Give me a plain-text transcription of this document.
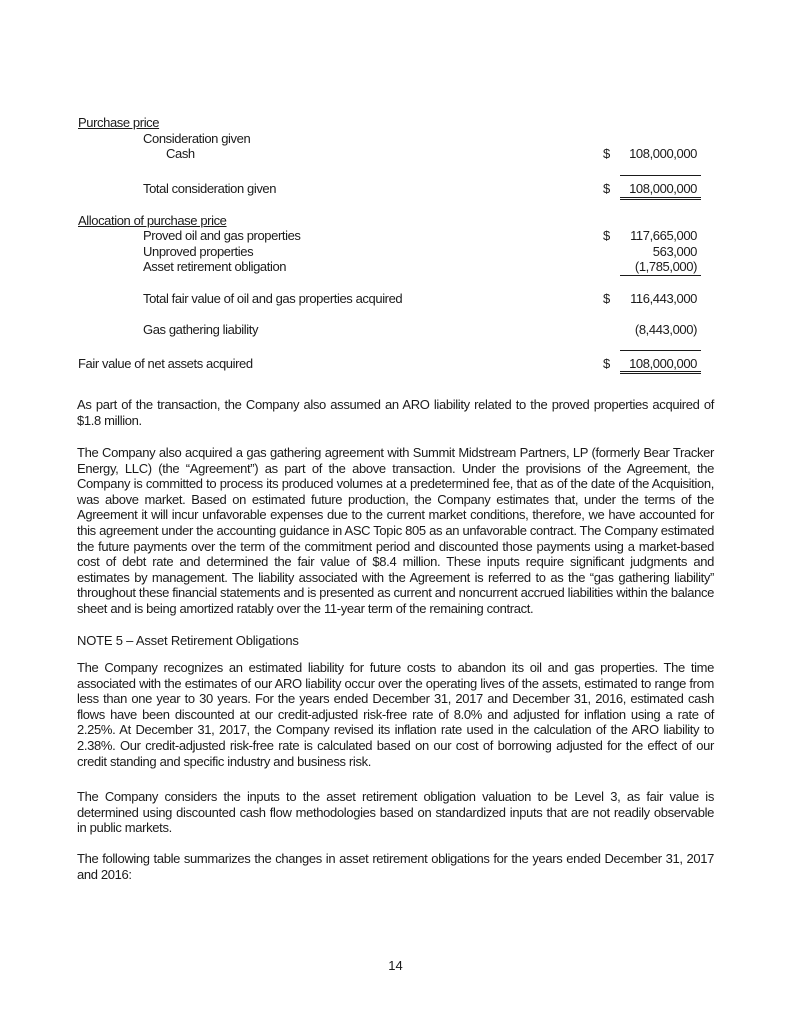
Purchase price
Consideration given
Cash	$ 108,000,000
Total consideration given	$ 108,000,000
Allocation of purchase price
Proved oil and gas properties	$ 117,665,000
Unproved properties	563,000
Asset retirement obligation	(1,785,000)
Total fair value of oil and gas properties acquired	$ 116,443,000
Gas gathering liability	(8,443,000)
Fair value of net assets acquired	$ 108,000,000

As part of the transaction, the Company also assumed an ARO liability related to the proved properties acquired of $1.8 million.

The Company also acquired a gas gathering agreement with Summit Midstream Partners, LP (formerly Bear Tracker Energy, LLC) (the “Agreement”) as part of the above transaction. Under the provisions of the Agreement, the Company is committed to process its produced volumes at a predetermined fee, that as of the date of the Acquisition, was above market. Based on estimated future production, the Company estimates that, under the terms of the Agreement it will incur unfavorable expenses due to the current market conditions, therefore, we have accounted for this agreement under the accounting guidance in ASC Topic 805 as an unfavorable contract. The Company estimated the future payments over the term of the commitment period and discounted those payments using a market-based cost of debt rate and determined the fair value of $8.4 million. These inputs require significant judgments and estimates by management. The liability associated with the Agreement is referred to as the “gas gathering liability” throughout these financial statements and is presented as current and noncurrent accrued liabilities within the balance sheet and is being amortized ratably over the 11-year term of the remaining contract.

NOTE 5 – Asset Retirement Obligations

The Company recognizes an estimated liability for future costs to abandon its oil and gas properties. The time associated with the estimates of our ARO liability occur over the operating lives of the assets, estimated to range from less than one year to 30 years. For the years ended December 31, 2017 and December 31, 2016, estimated cash flows have been discounted at our credit-adjusted risk-free rate of 8.0% and adjusted for inflation using a rate of 2.25%. At December 31, 2017, the Company revised its inflation rate used in the calculation of the ARO liability to 2.38%. Our credit-adjusted risk-free rate is calculated based on our cost of borrowing adjusted for the effect of our credit standing and specific industry and business risk.

The Company considers the inputs to the asset retirement obligation valuation to be Level 3, as fair value is determined using discounted cash flow methodologies based on standardized inputs that are not readily observable in public markets.

The following table summarizes the changes in asset retirement obligations for the years ended December 31, 2017 and 2016:

14
